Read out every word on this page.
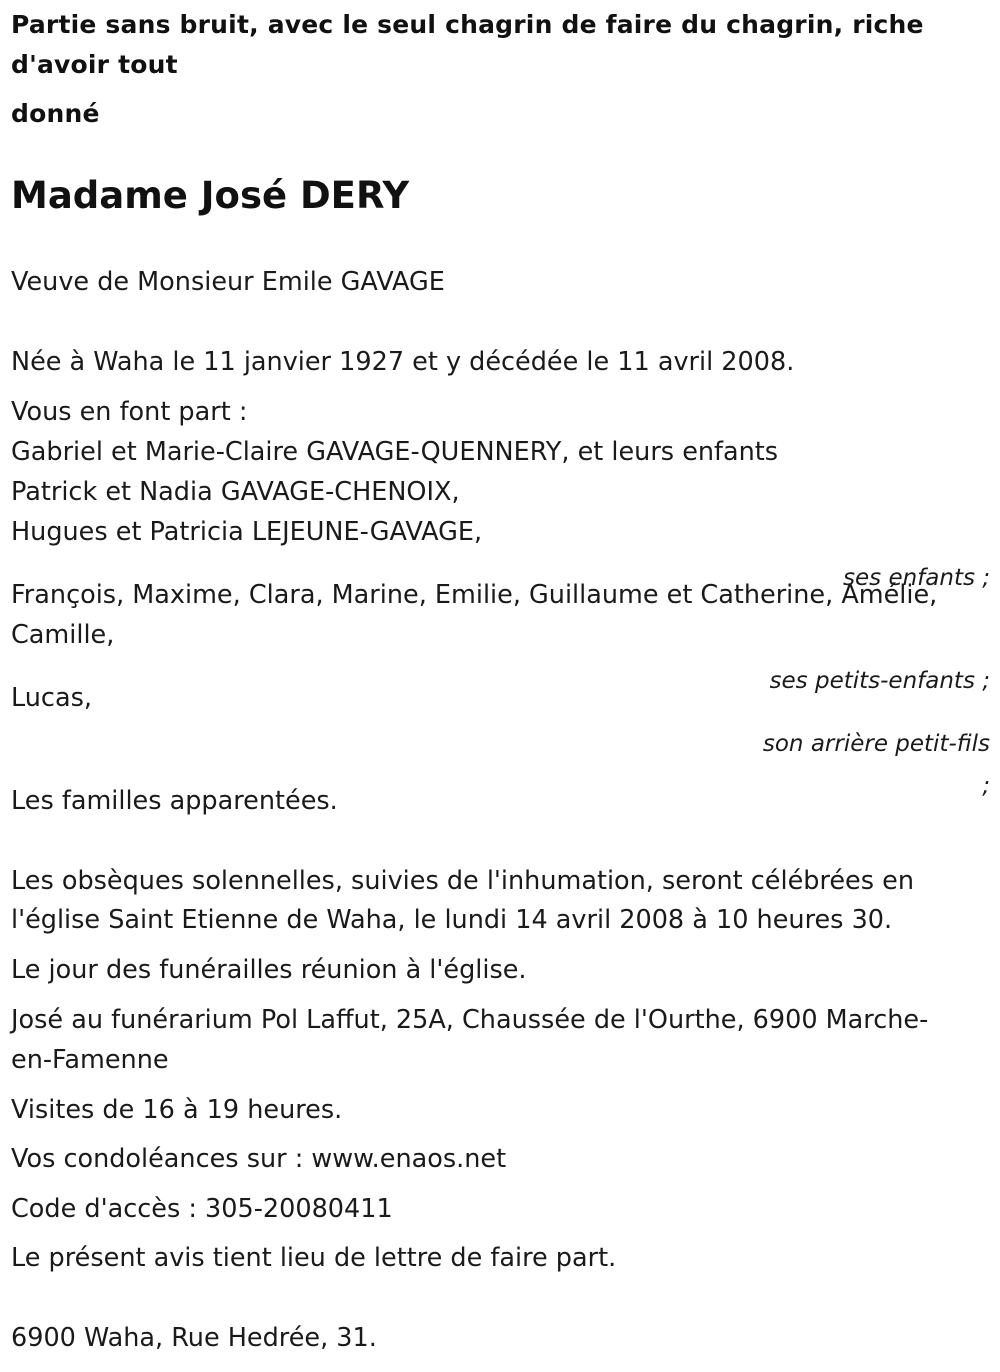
Partie sans bruit, avec le seul chagrin de faire du chagrin, riche

d'avoir tout

donné

Madame José DERY

Veuve de Monsieur Emile GAVAGE

Née à Waha le 11 janvier 1927 et y décédée le 11 avril 2008.

Vous en font part :

Gabriel et Marie-Claire GAVAGE-QUENNERY, et leurs enfants

Patrick et Nadia GAVAGE-CHENOIX,

Hugues et Patricia LEJEUNE-GAVAGE,

ses enfants ;

François, Maxime, Clara, Marine, Emilie, Guillaume et Catherine, Amélie,

Camille,

ses petits-enfants ;

Lucas,

son arrière petit-fils

;

Les familles apparentées.

Les obsèques solennelles, suivies de l'inhumation, seront célébrées en

l'église Saint Etienne de Waha, le lundi 14 avril 2008 à 10 heures 30.

Le jour des funérailles réunion à l'église.

José au funérarium Pol Laffut, 25A, Chaussée de l'Ourthe, 6900 Marche-

en-Famenne

Visites de 16 à 19 heures.

Vos condoléances sur : www.enaos.net

Code d'accès : 305-20080411

Le présent avis tient lieu de lettre de faire part.

6900 Waha, Rue Hedrée, 31.
